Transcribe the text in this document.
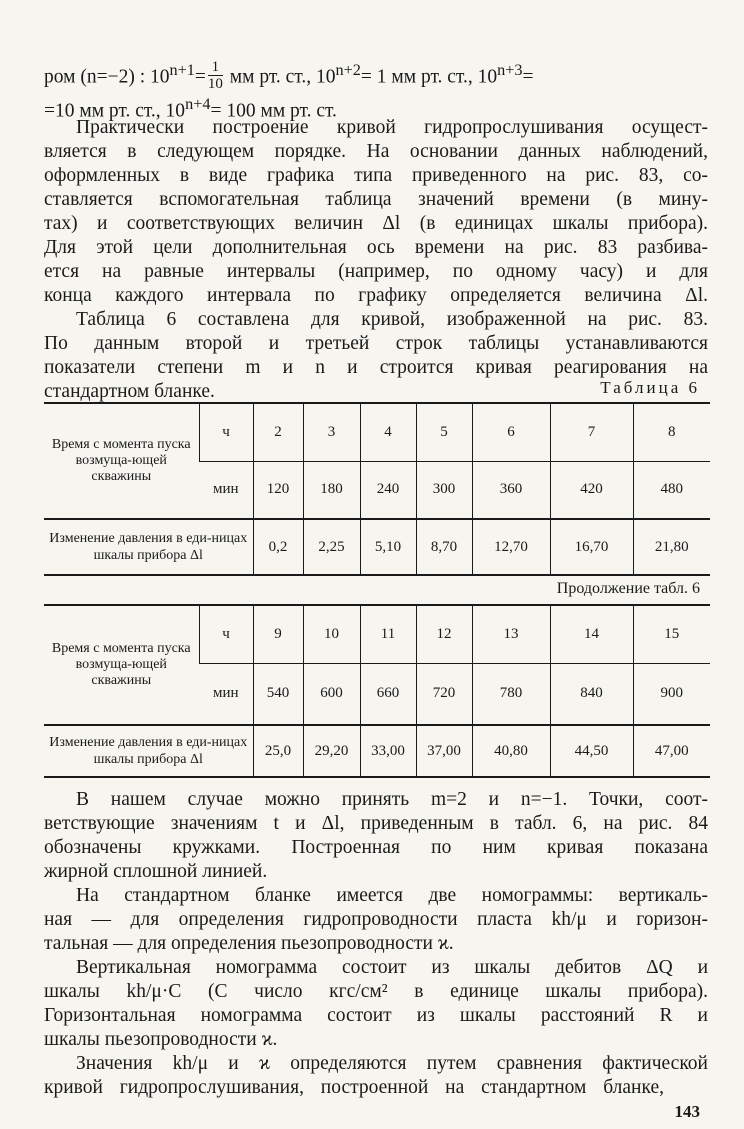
ром (n=−2) : $10^{n+1}= \frac{1}{10}$ мм рт. ст., $10^{n+2}= 1$ мм рт. ст., $10^{n+3}=$
=10 мм рт. ст., $10^{n+4}= 100$ мм рт. ст.
Практически построение кривой гидропрослушивания осущест-
вляется в следующем порядке. На основании данных наблюдений,
оформленных в виде графика типа приведенного на рис. 83, со-
ставляется вспомогательная таблица значений времени (в мину-
тах) и соответствующих величин Δl (в единицах шкалы прибора).
Для этой цели дополнительная ось времени на рис. 83 разбива-
ется на равные интервалы (например, по одному часу) и для
конца каждого интервала по графику определяется величина Δl.
Таблица 6 составлена для кривой, изображенной на рис. 83.
По данным второй и третьей строк таблицы устанавливаются
показатели степени m и n и строится кривая реагирования на
стандартном бланке.	Таблица 6
Время с момента пуска возмуща-ющей скважины	ч	2	3	4	5	6	7	8
	мин	120	180	240	300	360	420	480
Изменение давления в еди-ницах шкалы прибора Δl		0,2	2,25	5,10	8,70	12,70	16,70	21,80
Продолжение табл. 6
Время с момента пуска возмуща-ющей скважины	ч	9	10	11	12	13	14	15
	мин	540	600	660	720	780	840	900
Изменение давления в еди-ницах шкалы прибора Δl		25,0	29,20	33,00	37,00	40,80	44,50	47,00
В нашем случае можно принять m=2 и n=−1. Точки, соот-
ветствующие значениям t и Δl, приведенным в табл. 6, на рис. 84
обозначены кружками. Построенная по ним кривая показана
жирной сплошной линией.
На стандартном бланке имеется две номограммы: вертикаль-
ная — для определения гидропроводности пласта kh/μ и горизон-
тальная — для определения пьезопроводности ϰ.
Вертикальная номограмма состоит из шкалы дебитов ΔQ и
шкалы kh/μ·C (C число кгс/см² в единице шкалы прибора).
Горизонтальная номограмма состоит из шкалы расстояний R и
шкалы пьезопроводности ϰ.
Значения kh/μ и ϰ определяются путем сравнения фактической
кривой гидропрослушивания, построенной на стандартном бланке,
143
